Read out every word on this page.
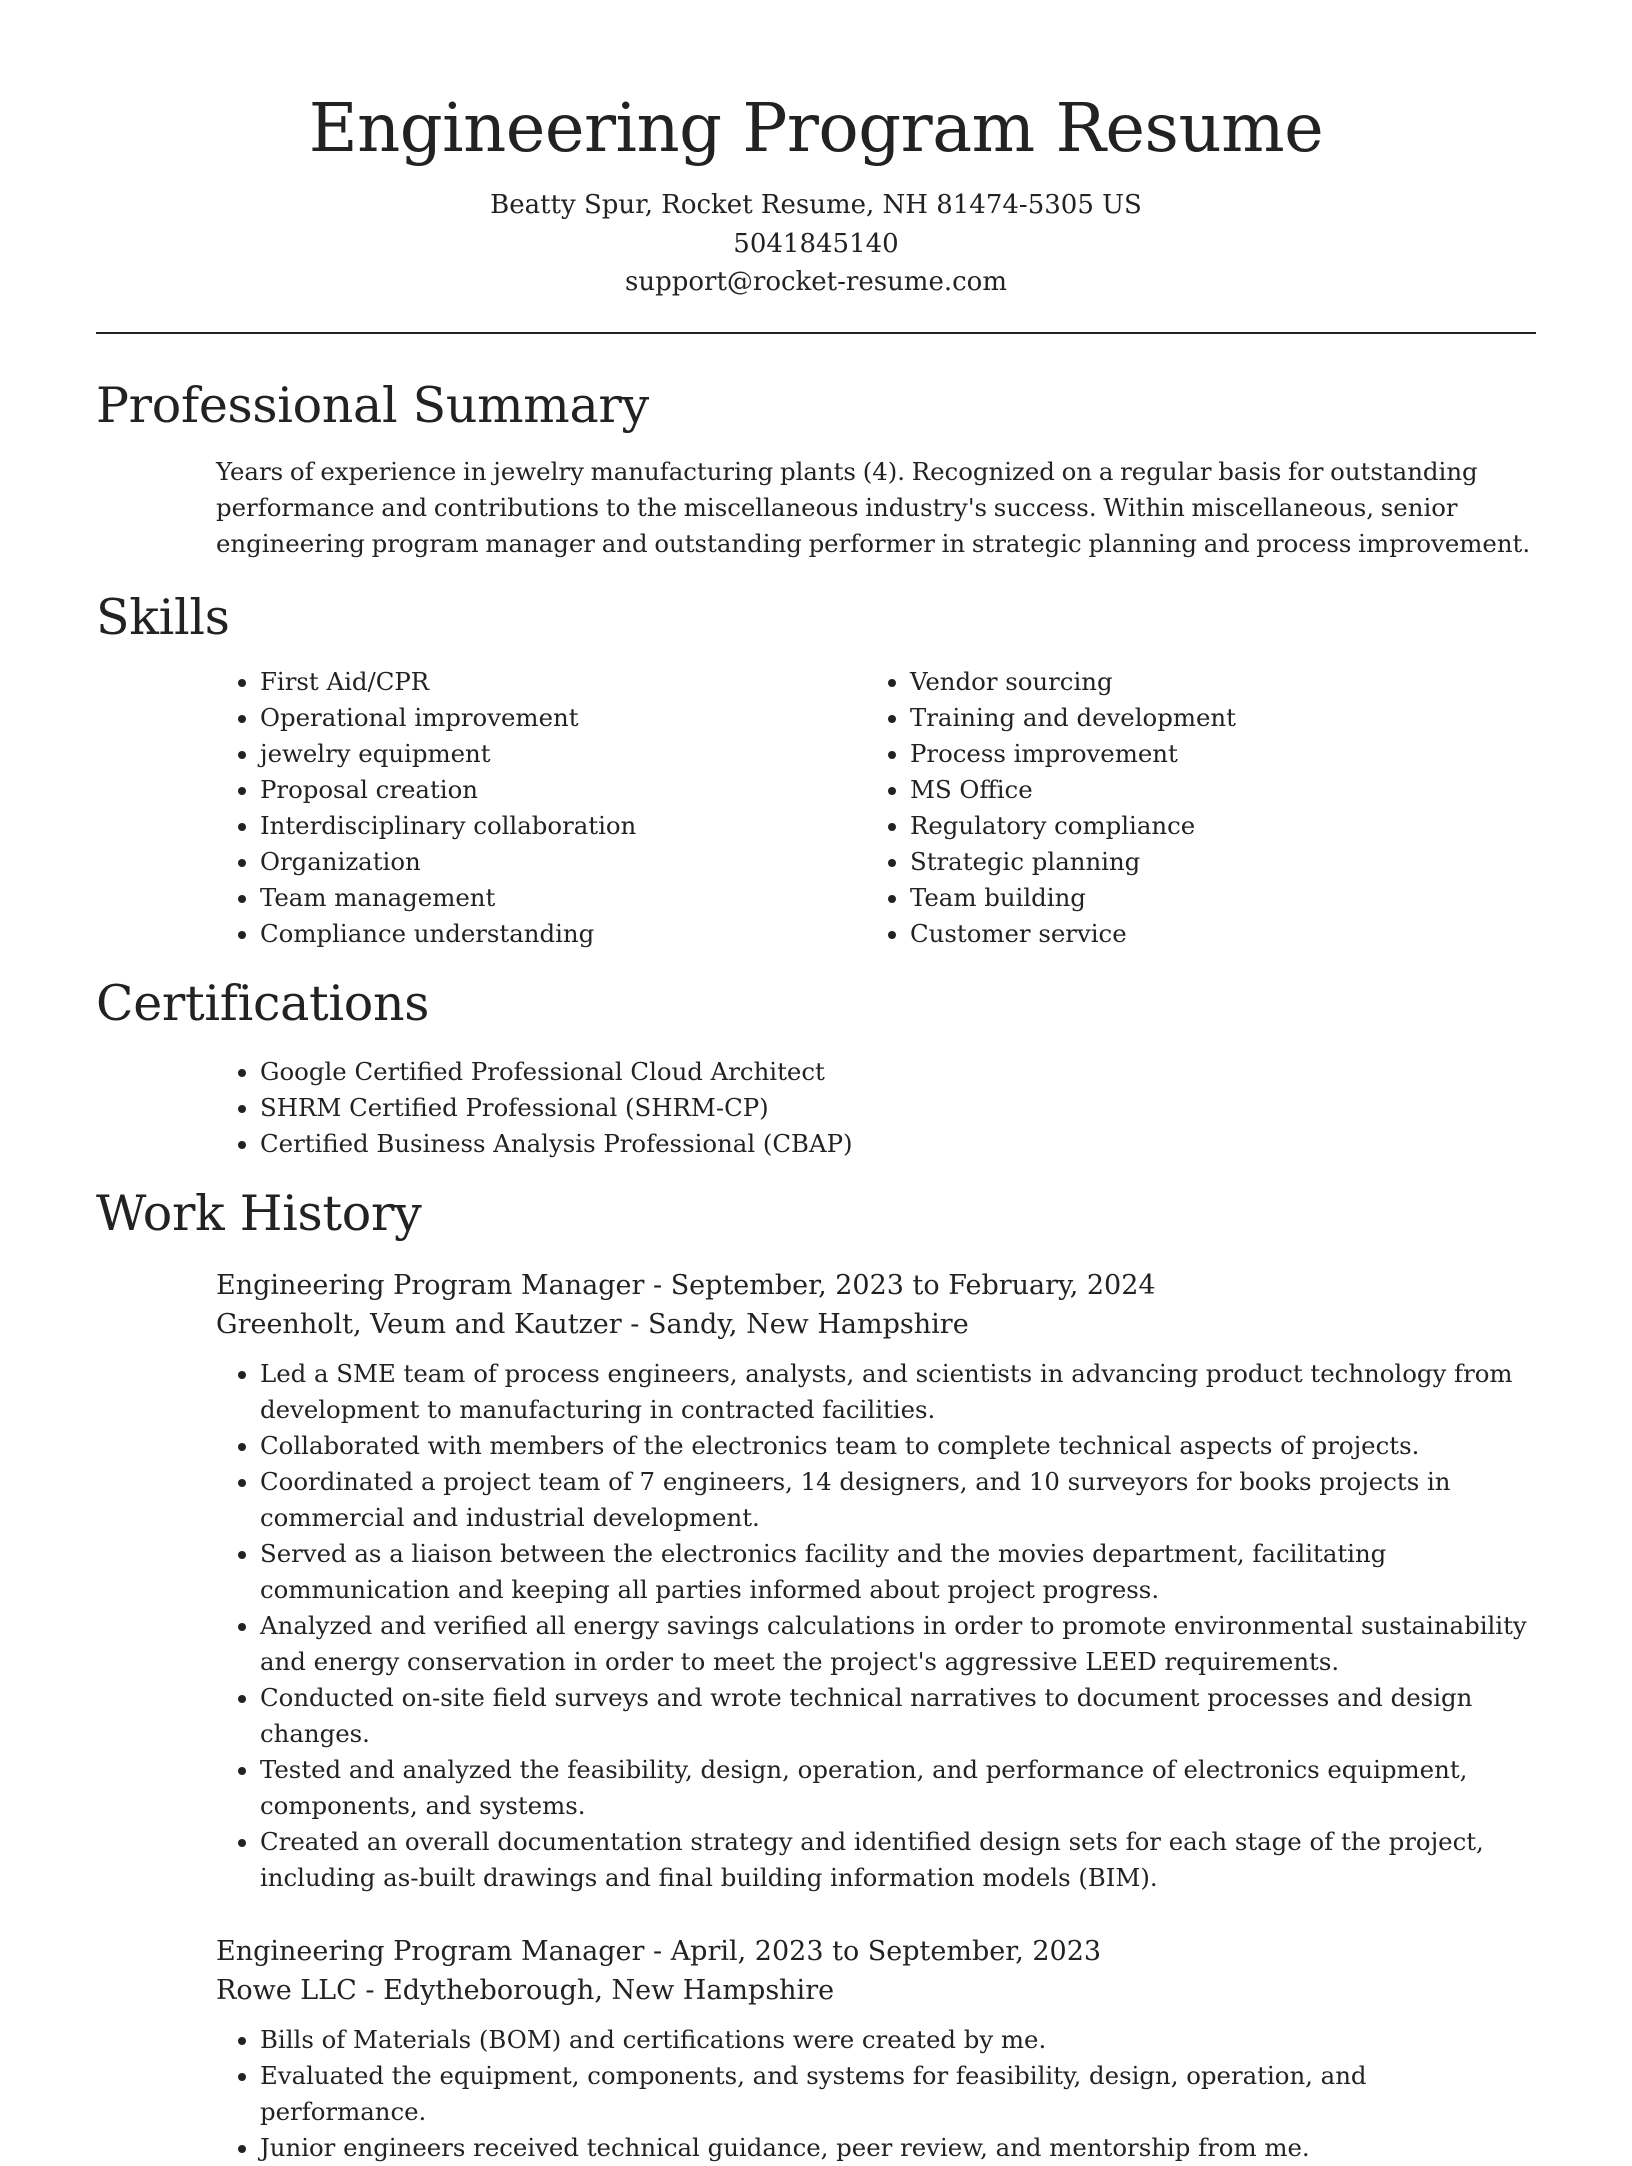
Engineering Program Resume
Beatty Spur, Rocket Resume, NH 81474-5305 US
5041845140
support@rocket-resume.com
Professional Summary

Years of experience in jewelry manufacturing plants (4). Recognized on a regular basis for outstanding performance and contributions to the miscellaneous industry's success. Within miscellaneous, senior engineering program manager and outstanding performer in strategic planning and process improvement.

Skills
• First Aid/CPR
• Operational improvement
• jewelry equipment
• Proposal creation
• Interdisciplinary collaboration
• Organization
• Team management
• Compliance understanding
• Vendor sourcing
• Training and development
• Process improvement
• MS Office
• Regulatory compliance
• Strategic planning
• Team building
• Customer service
Certifications
• Google Certified Professional Cloud Architect
• SHRM Certified Professional (SHRM-CP)
• Certified Business Analysis Professional (CBAP)
Work History
Engineering Program Manager - September, 2023 to February, 2024
Greenholt, Veum and Kautzer - Sandy, New Hampshire
• Led a SME team of process engineers, analysts, and scientists in advancing product technology from development to manufacturing in contracted facilities.
• Collaborated with members of the electronics team to complete technical aspects of projects.
• Coordinated a project team of 7 engineers, 14 designers, and 10 surveyors for books projects in commercial and industrial development.
• Served as a liaison between the electronics facility and the movies department, facilitating communication and keeping all parties informed about project progress.
• Analyzed and verified all energy savings calculations in order to promote environmental sustainability and energy conservation in order to meet the project's aggressive LEED requirements.
• Conducted on-site field surveys and wrote technical narratives to document processes and design changes.
• Tested and analyzed the feasibility, design, operation, and performance of electronics equipment, components, and systems.
• Created an overall documentation strategy and identified design sets for each stage of the project, including as-built drawings and final building information models (BIM).
Engineering Program Manager - April, 2023 to September, 2023
Rowe LLC - Edytheborough, New Hampshire
• Bills of Materials (BOM) and certifications were created by me.
• Evaluated the equipment, components, and systems for feasibility, design, operation, and performance.
• Junior engineers received technical guidance, peer review, and mentorship from me.
